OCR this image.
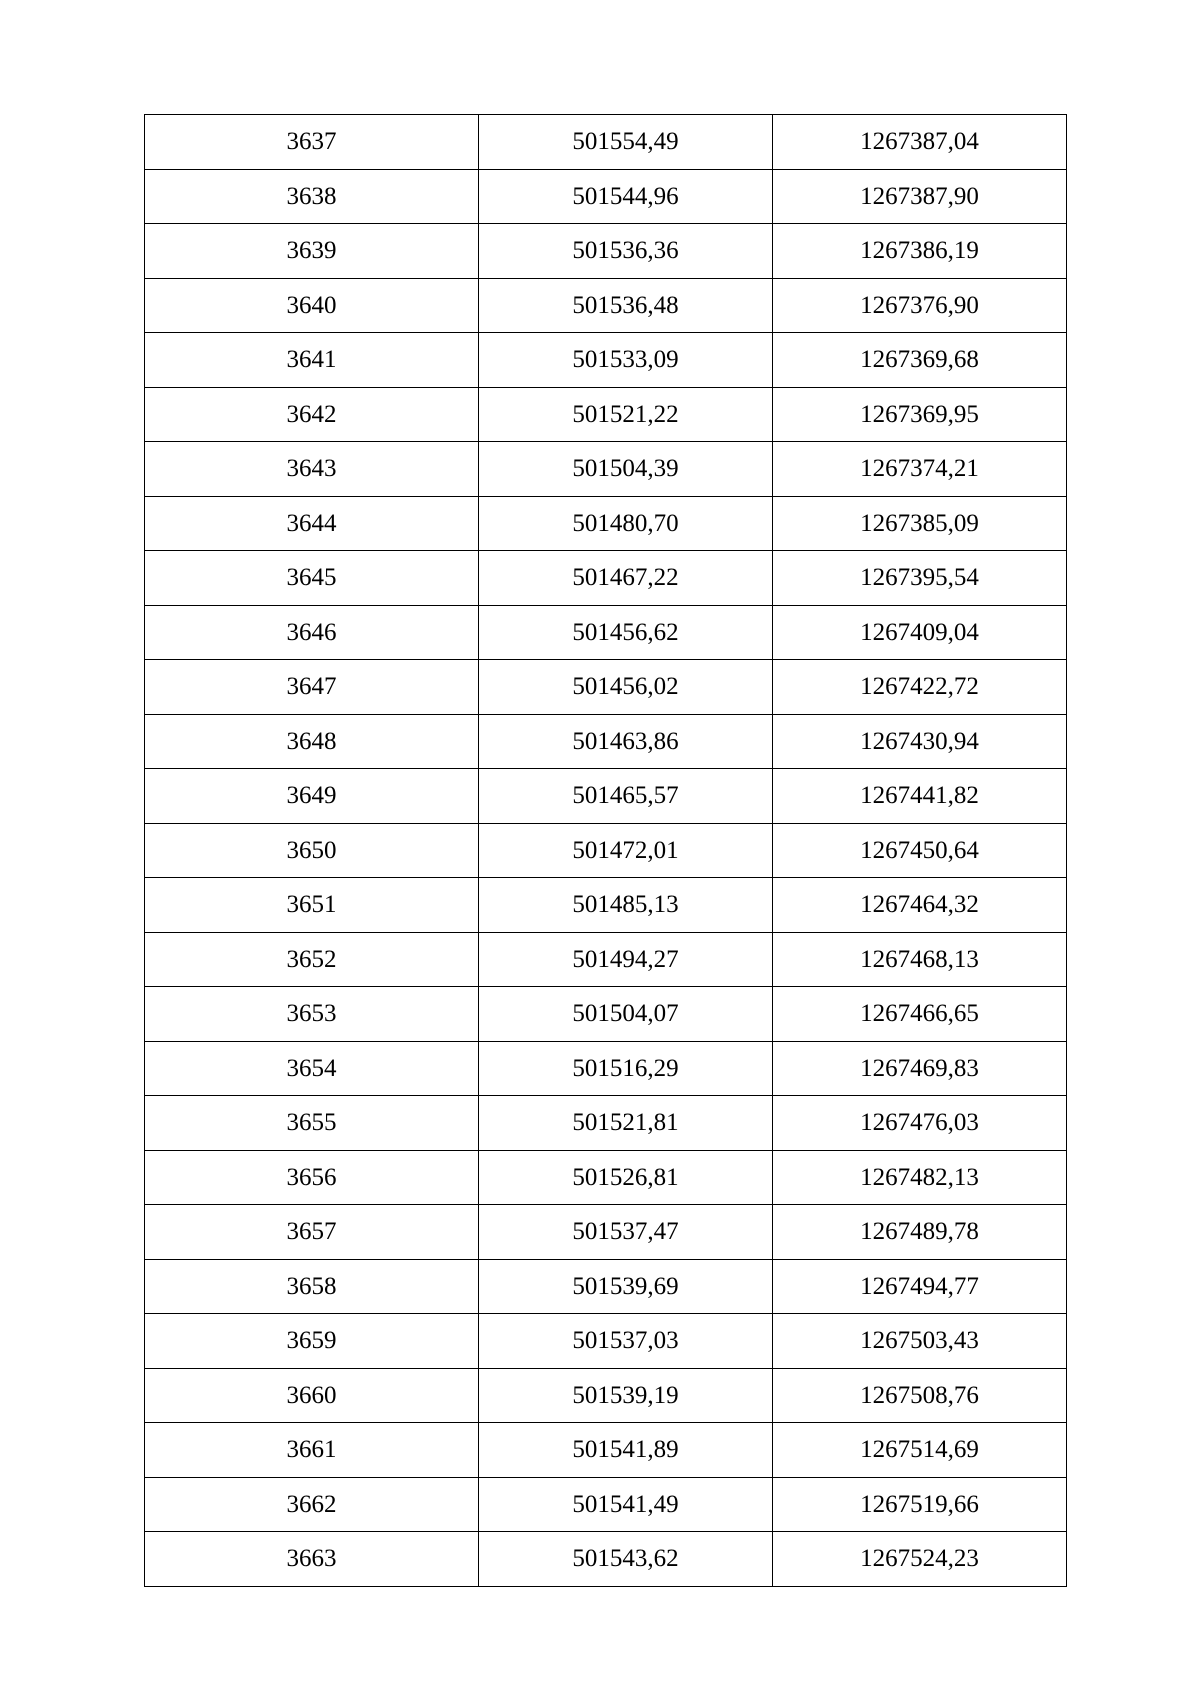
3637	501554,49	1267387,04
3638	501544,96	1267387,90
3639	501536,36	1267386,19
3640	501536,48	1267376,90
3641	501533,09	1267369,68
3642	501521,22	1267369,95
3643	501504,39	1267374,21
3644	501480,70	1267385,09
3645	501467,22	1267395,54
3646	501456,62	1267409,04
3647	501456,02	1267422,72
3648	501463,86	1267430,94
3649	501465,57	1267441,82
3650	501472,01	1267450,64
3651	501485,13	1267464,32
3652	501494,27	1267468,13
3653	501504,07	1267466,65
3654	501516,29	1267469,83
3655	501521,81	1267476,03
3656	501526,81	1267482,13
3657	501537,47	1267489,78
3658	501539,69	1267494,77
3659	501537,03	1267503,43
3660	501539,19	1267508,76
3661	501541,89	1267514,69
3662	501541,49	1267519,66
3663	501543,62	1267524,23
